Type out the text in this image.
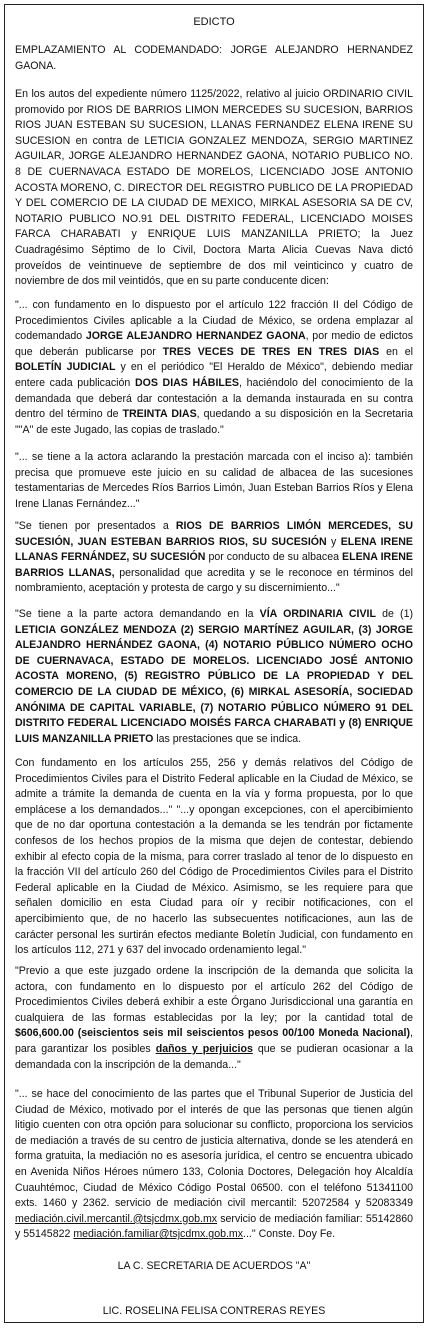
EDICTO

EMPLAZAMIENTO AL CODEMANDADO: JORGE ALEJANDRO HERNANDEZ GAONA.

En los autos del expediente número 1125/2022, relativo al juicio ORDINARIO CIVIL promovido por RIOS DE BARRIOS LIMON MERCEDES SU SUCESION, BARRIOS RIOS JUAN ESTEBAN SU SUCESION, LLANAS FERNANDEZ ELENA IRENE SU SUCESION en contra de LETICIA GONZALEZ MENDOZA, SERGIO MARTINEZ AGUILAR, JORGE ALEJANDRO HERNANDEZ GAONA, NOTARIO PUBLICO NO. 8 DE CUERNAVACA ESTADO DE MORELOS, LICENCIADO JOSE ANTONIO ACOSTA MORENO, C. DIRECTOR DEL REGISTRO PUBLICO DE LA PROPIEDAD Y DEL COMERCIO DE LA CIUDAD DE MEXICO, MIRKAL ASESORIA SA DE CV, NOTARIO PUBLICO NO.91 DEL DISTRITO FEDERAL, LICENCIADO MOISES FARCA CHARABATI y ENRIQUE LUIS MANZANILLA PRIETO; la Juez Cuadragésimo Séptimo de lo Civil, Doctora Marta Alicia Cuevas Nava dictó proveídos de veintinueve de septiembre de dos mil veinticinco y cuatro de noviembre de dos mil veintidós, que en su parte conducente dicen:

"... con fundamento en lo dispuesto por el artículo 122 fracción II del Código de Procedimientos Civiles aplicable a la Ciudad de México, se ordena emplazar al codemandado JORGE ALEJANDRO HERNANDEZ GAONA, por medio de edictos que deberán publicarse por TRES VECES DE TRES EN TRES DIAS en el BOLETÍN JUDICIAL y en el periódico "El Heraldo de México", debiendo mediar entere cada publicación DOS DIAS HÁBILES, haciéndolo del conocimiento de la demandada que deberá dar contestación a la demanda instaurada en su contra dentro del término de TREINTA DIAS, quedando a su disposición en la Secretaria ""A" de este Jugado, las copias de traslado."

"... se tiene a la actora aclarando la prestación marcada con el inciso a): también precisa que promueve este juicio en su calidad de albacea de las sucesiones testamentarias de Mercedes Ríos Barrios Limón, Juan Esteban Barrios Ríos y Elena Irene Llanas Fernández..."

"Se tienen por presentados a RIOS DE BARRIOS LIMÓN MERCEDES, SU SUCESIÓN, JUAN ESTEBAN BARRIOS RIOS, SU SUCESIÓN y ELENA IRENE LLANAS FERNÁNDEZ, SU SUCESIÓN por conducto de su albacea ELENA IRENE BARRIOS LLANAS, personalidad que acredita y se le reconoce en términos del nombramiento, aceptación y protesta de cargo y su discernimiento..."

"Se tiene a la parte actora demandando en la VÍA ORDINARIA CIVIL de (1) LETICIA GONZÁLEZ MENDOZA (2) SERGIO MARTÍNEZ AGUILAR, (3) JORGE ALEJANDRO HERNÁNDEZ GAONA, (4) NOTARIO PÚBLICO NÚMERO OCHO DE CUERNAVACA, ESTADO DE MORELOS. LICENCIADO JOSÉ ANTONIO ACOSTA MORENO, (5) REGISTRO PÚBLICO DE LA PROPIEDAD Y DEL COMERCIO DE LA CIUDAD DE MÉXICO, (6) MIRKAL ASESORÍA, SOCIEDAD ANÓNIMA DE CAPITAL VARIABLE, (7) NOTARIO PÚBLICO NÚMERO 91 DEL DISTRITO FEDERAL LICENCIADO MOISÉS FARCA CHARABATI y (8) ENRIQUE LUIS MANZANILLA PRIETO las prestaciones que se indica.

Con fundamento en los artículos 255, 256 y demás relativos del Código de Procedimientos Civiles para el Distrito Federal aplicable en la Ciudad de México, se admite a trámite la demanda de cuenta en la vía y forma propuesta, por lo que emplácese a los demandados..." "...y opongan excepciones, con el apercibimiento que de no dar oportuna contestación a la demanda se les tendrán por fictamente confesos de los hechos propios de la misma que dejen de contestar, debiendo exhibir al efecto copia de la misma, para correr traslado al tenor de lo dispuesto en la fracción VII del artículo 260 del Código de Procedimientos Civiles para el Distrito Federal aplicable en la Ciudad de México. Asimismo, se les requiere para que señalen domicilio en esta Ciudad para oír y recibir notificaciones, con el apercibimiento que, de no hacerlo las subsecuentes notificaciones, aun las de carácter personal les surtirán efectos mediante Boletín Judicial, con fundamento en los artículos 112, 271 y 637 del invocado ordenamiento legal."

"Previo a que este juzgado ordene la inscripción de la demanda que solicita la actora, con fundamento en lo dispuesto por el artículo 262 del Código de Procedimientos Civiles deberá exhibir a este Órgano Jurisdiccional una garantía en cualquiera de las formas establecidas por la ley; por la cantidad total de $606,600.00 (seiscientos seis mil seiscientos pesos 00/100 Moneda Nacional), para garantizar los posibles daños y perjuicios que se pudieran ocasionar a la demandada con la inscripción de la demanda..."

"... se hace del conocimiento de las partes que el Tribunal Superior de Justicia del Ciudad de México, motivado por el interés de que las personas que tienen algún litigio cuenten con otra opción para solucionar su conflicto, proporciona los servicios de mediación a través de su centro de justicia alternativa, donde se les atenderá en forma gratuita, la mediación no es asesoría jurídica, el centro se encuentra ubicado en Avenida Niños Héroes número 133, Colonia Doctores, Delegación hoy Alcaldía Cuauhtémoc, Ciudad de México Código Postal 06500. con el teléfono 51341100 exts. 1460 y 2362. servicio de mediación civil mercantil: 52072584 y 52083349 mediación.civil.mercantil.@tsjcdmx.gob.mx servicio de mediación familiar: 55142860 y 55145822 mediación.familiar@tsjcdmx.gob.mx..." Conste. Doy Fe.

LA C. SECRETARIA DE ACUERDOS "A"

LIC. ROSELINA FELISA CONTRERAS REYES
